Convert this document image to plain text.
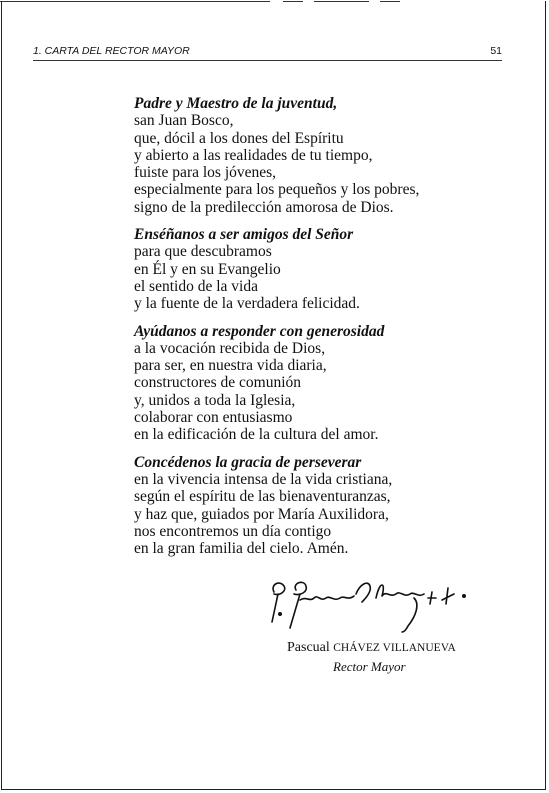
1. CARTA DEL RECTOR MAYOR	51
Padre y Maestro de la juventud,
san Juan Bosco,
que, dócil a los dones del Espíritu
y abierto a las realidades de tu tiempo,
fuiste para los jóvenes,
especialmente para los pequeños y los pobres,
signo de la predilección amorosa de Dios.
Enséñanos a ser amigos del Señor
para que descubramos
en Él y en su Evangelio
el sentido de la vida
y la fuente de la verdadera felicidad.
Ayúdanos a responder con generosidad
a la vocación recibida de Dios,
para ser, en nuestra vida diaria,
constructores de comunión
y, unidos a toda la Iglesia,
colaborar con entusiasmo
en la edificación de la cultura del amor.
Concédenos la gracia de perseverar
en la vivencia intensa de la vida cristiana,
según el espíritu de las bienaventuranzas,
y haz que, guiados por María Auxilidora,
nos encontremos un día contigo
en la gran familia del cielo. Amén.
Pascual CHÁVEZ VILLANUEVA
Rector Mayor
